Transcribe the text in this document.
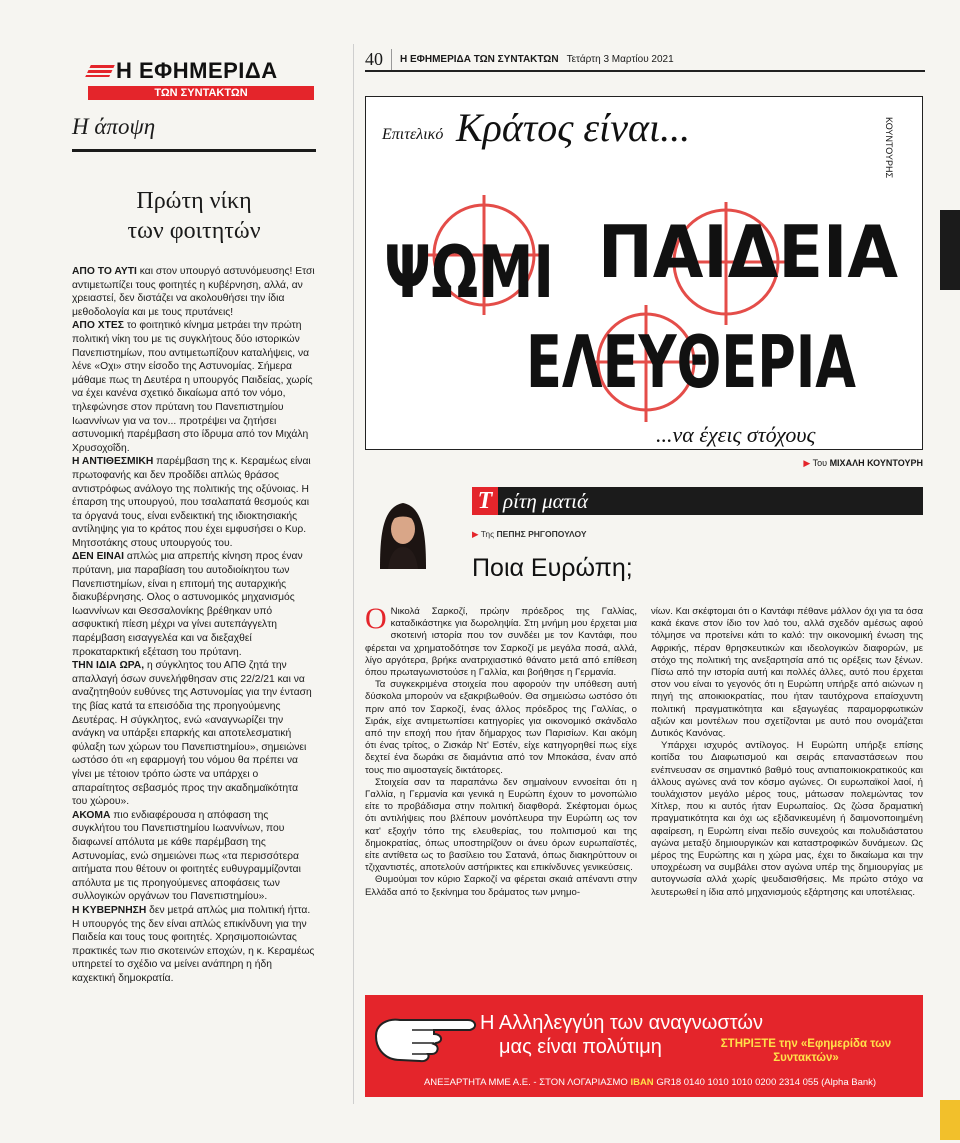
Η ΕΦΗΜΕΡΙΔΑ
ΤΩΝ ΣΥΝΤΑΚΤΩΝ
Η άποψη
Πρώτη νίκη
των φοιτητών

ΑΠΟ ΤΟ ΑΥΤΙ και στον υπουργό αστυνόμευσης! Ετσι αντιμετωπίζει τους φοιτητές η κυβέρνηση, αλλά, αν χρειαστεί, δεν διστάζει να ακολουθήσει την ίδια μεθοδολογία και με τους πρυτάνεις!

ΑΠΟ ΧΤΕΣ το φοιτητικό κίνημα μετράει την πρώτη πολιτική νίκη του με τις συγκλήτους δύο ιστορικών Πανεπιστημίων, που αντιμετωπίζουν καταλήψεις, να λένε «Οχι» στην είσοδο της Αστυνομίας. Σήμερα μάθαμε πως τη Δευτέρα η υπουργός Παιδείας, χωρίς να έχει κανένα σχετικό δικαίωμα από τον νόμο, τηλεφώνησε στον πρύτανη του Πανεπιστημίου Ιωαννίνων για να τον... προτρέψει να ζητήσει αστυνομική παρέμβαση στο ίδρυμα από τον Μιχάλη Χρυσοχοΐδη.

Η ΑΝΤΙΘΕΣΜΙΚΗ παρέμβαση της κ. Κεραμέως είναι πρωτοφανής και δεν προδίδει απλώς θράσος αντιστρόφως ανάλογο της πολιτικής της οξύνοιας. Η έπαρση της υπουργού, που τσαλαπατά θεσμούς και τα όργανά τους, είναι ενδεικτική της ιδιοκτησιακής αντίληψης για το κράτος που έχει εμφυσήσει ο Κυρ. Μητσοτάκης στους υπουργούς του.

ΔΕΝ ΕΙΝΑΙ απλώς μια απρεπής κίνηση προς έναν πρύτανη, μια παραβίαση του αυτοδιοίκητου των Πανεπιστημίων, είναι η επιτομή της αυταρχικής διακυβέρνησης. Ολος ο αστυνομικός μηχανισμός Ιωαννίνων και Θεσσαλονίκης βρέθηκαν υπό ασφυκτική πίεση μέχρι να γίνει αυτεπάγγελτη παρέμβαση εισαγγελέα και να διεξαχθεί προκαταρκτική εξέταση του πρύτανη.

ΤΗΝ ΙΔΙΑ ΩΡΑ, η σύγκλητος του ΑΠΘ ζητά την απαλλαγή όσων συνελήφθησαν στις 22/2/21 και να αναζητηθούν ευθύνες της Αστυνομίας για την ένταση της βίας κατά τα επεισόδια της προηγούμενης Δευτέρας. Η σύγκλητος, ενώ «αναγνωρίζει την ανάγκη να υπάρξει επαρκής και αποτελεσματική φύλαξη των χώρων του Πανεπιστημίου», σημειώνει ωστόσο ότι «η εφαρμογή του νόμου θα πρέπει να γίνει με τέτοιον τρόπο ώστε να υπάρχει ο απαραίτητος σεβασμός προς την ακαδημαϊκότητα του χώρου».

ΑΚΟΜΑ πιο ενδιαφέρουσα η απόφαση της συγκλήτου του Πανεπιστημίου Ιωαννίνων, που διαφωνεί απόλυτα με κάθε παρέμβαση της Αστυνομίας, ενώ σημειώνει πως «τα περισσότερα αιτήματα που θέτουν οι φοιτητές ευθυγραμμίζονται απόλυτα με τις προηγούμενες αποφάσεις των συλλογικών οργάνων του Πανεπιστημίου».

Η ΚΥΒΕΡΝΗΣΗ δεν μετρά απλώς μια πολιτική ήττα. Η υπουργός της δεν είναι απλώς επικίνδυνη για την Παιδεία και τους τους φοιτητές. Χρησιμοποιώντας πρακτικές των πιο σκοτεινών εποχών, η κ. Κεραμέως υπηρετεί το σχέδιο να μείνει ανάπηρη η ήδη καχεκτική δημοκρατία.

40	Η ΕΦΗΜΕΡΙΔΑ ΤΩΝ ΣΥΝΤΑΚΤΩΝ Τετάρτη 3 Μαρτίου 2021
Επιτελικό Κράτος είναι...	ΚΟΥΝΤΟΥΡΗΣ
ΨΩΜΙ ΠΑΙΔΕΙΑ
ΕΛΕΥΘΕΡΙΑ
...να έχεις στόχους
▶ Του ΜΙΧΑΛΗ ΚΟΥΝΤΟΥΡΗ
Τ ρίτη ματιά
▶ Της ΠΕΠΗΣ ΡΗΓΟΠΟΥΛΟΥ
Ποια Ευρώπη;

Ο Νικολά Σαρκοζί, πρώην πρόεδρος της Γαλλίας, καταδικάστηκε για δωροληψία. Στη μνήμη μου έρχεται μια σκοτεινή ιστορία που τον συνδέει με τον Καντάφι, που φέρεται να χρηματοδότησε τον Σαρκοζί με μεγάλα ποσά, αλλά, λίγο αργότερα, βρήκε ανατριχιαστικό θάνατο μετά από επίθεση όπου πρωταγωνιστούσε η Γαλλία, και βοήθησε η Γερμανία.

Τα συγκεκριμένα στοιχεία που αφορούν την υπόθεση αυτή δύσκολα μπορούν να εξακριβωθούν. Θα σημειώσω ωστόσο ότι πριν από τον Σαρκοζί, ένας άλλος πρόεδρος της Γαλλίας, ο Σιράκ, είχε αντιμετωπίσει κατηγορίες για οικονομικό σκάνδαλο από την εποχή που ήταν δήμαρχος των Παρισίων. Και ακόμη ότι ένας τρίτος, ο Ζισκάρ Ντ' Εστέν, είχε κατηγορηθεί πως είχε δεχτεί ένα δωράκι σε διαμάντια από τον Μποκάσα, έναν από τους πιο αιμοσταγείς δικτάτορες.

Στοιχεία σαν τα παραπάνω δεν σημαίνουν εννοείται ότι η Γαλλία, η Γερμανία και γενικά η Ευρώπη έχουν το μονοπώλιο είτε το προβάδισμα στην πολιτική διαφθορά. Σκέφτομαι όμως ότι αντιλήψεις που βλέπουν μονόπλευρα την Ευρώπη ως τον κατ' εξοχήν τόπο της ελευθερίας, του πολιτισμού και της δημοκρατίας, όπως υποστηρίζουν οι άνευ όρων ευρωπαϊστές, είτε αντίθετα ως το βασίλειο του Σατανά, όπως διακηρύττουν οι τζιχαντιστές, αποτελούν αστήρικτες και επικίνδυνες γενικεύσεις.

Θυμούμαι τον κύριο Σαρκοζί να φέρεται σκαιά απέναντι στην Ελλάδα από το ξεκίνημα του δράματος των μνημο-

νίων. Και σκέφτομαι ότι ο Καντάφι πέθανε μάλλον όχι για τα όσα κακά έκανε στον ίδιο τον λαό του, αλλά σχεδόν αμέσως αφού τόλμησε να προτείνει κάτι το καλό: την οικονομική ένωση της Αφρικής, πέραν θρησκευτικών και ιδεολογικών διαφορών, με στόχο της πολιτική της ανεξαρτησία από τις ορέξεις των ξένων. Πίσω από την ιστορία αυτή και πολλές άλλες, αυτό που έρχεται στον νου είναι το γεγονός ότι η Ευρώπη υπήρξε από αιώνων η πηγή της αποικιοκρατίας, που ήταν ταυτόχρονα επαίσχυντη πολιτική πραγματικότητα και εξαγωγέας παραμορφωτικών αξιών και μοντέλων που σχετίζονται με αυτό που ονομάζεται Δυτικός Κανόνας.

Υπάρχει ισχυρός αντίλογος. Η Ευρώπη υπήρξε επίσης κοιτίδα του Διαφωτισμού και σειράς επαναστάσεων που ενέπνευσαν σε σημαντικό βαθμό τους αντιαποικιοκρατικούς και άλλους αγώνες ανά τον κόσμο αγώνες. Οι ευρωπαϊκοί λαοί, ή τουλάχιστον μεγάλο μέρος τους, μάτωσαν πολεμώντας τον Χίτλερ, που κι αυτός ήταν Ευρωπαίος. Ως ζώσα δραματική πραγματικότητα και όχι ως εξιδανικευμένη ή δαιμονοποιημένη αφαίρεση, η Ευρώπη είναι πεδίο συνεχούς και πολυδιάστατου αγώνα μεταξύ δημιουργικών και καταστροφικών δυνάμεων. Ως μέρος της Ευρώπης και η χώρα μας, έχει το δικαίωμα και την υποχρέωση να συμβάλει στον αγώνα υπέρ της δημιουργίας με αυτογνωσία αλλά χωρίς ψευδαισθήσεις. Με πρώτο στόχο να λευτερωθεί η ίδια από μηχανισμούς εξάρτησης και υποτέλειας.

Η Αλληλεγγύη των αναγνωστών
μας είναι πολύτιμη	ΣΤΗΡΙΞΤΕ την «Εφημερίδα των Συντακτών»
ΑΝΕΞΑΡΤΗΤΑ ΜΜΕ Α.Ε. - ΣΤΟΝ ΛΟΓΑΡΙΑΣΜΟ IBAN GR18 0140 1010 1010 0200 2314 055 (Alpha Bank)
